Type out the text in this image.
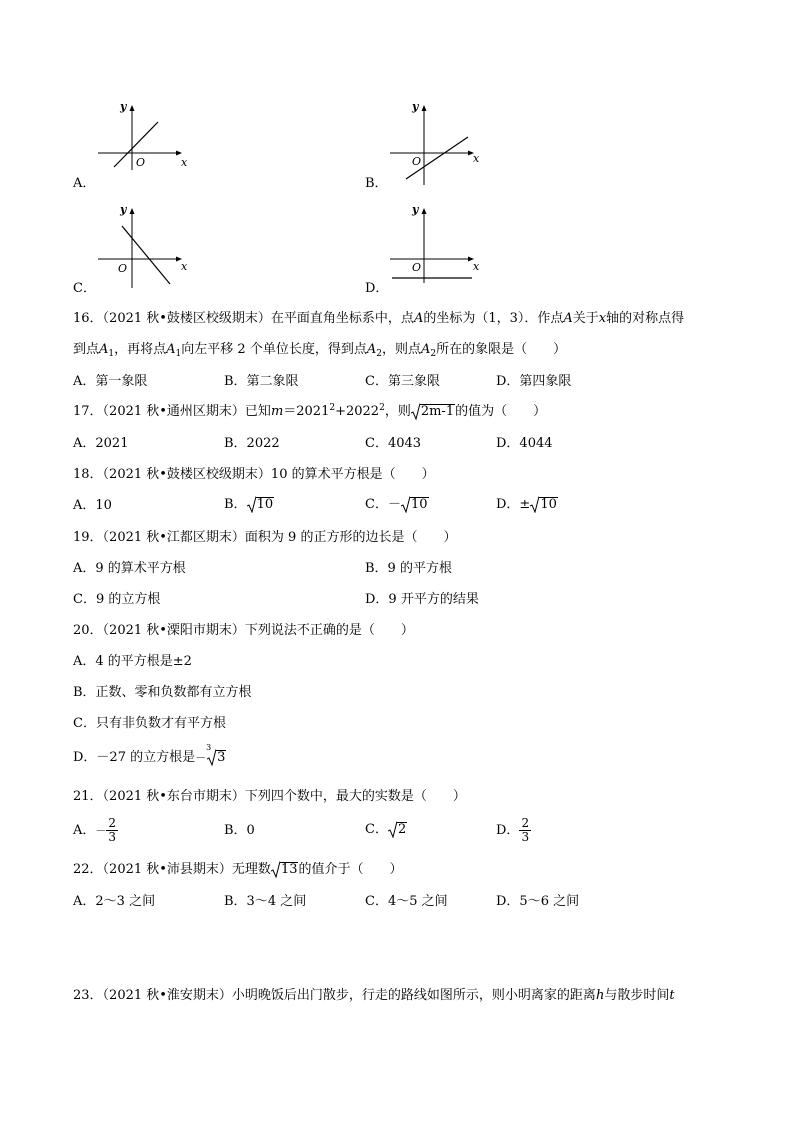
A．
y
x
O
B．
y
x
O
C．
y
x
O
D．
y
x
O
16．（2021 秋•鼓楼区校级期末）在平面直角坐标系中，点A的坐标为（1，3）．作点A关于x轴的对称点得
到点$A_1$，再将点$A_1$向左平移 2 个单位长度，得到点$A_2$，则点$A_2$所在的象限是（　　）
A．第一象限	B．第二象限	C．第三象限	D．第四象限
17．（2021 秋•通州区期末）已知$m=2021^2+2022^2$，则 2m-1的值为（　　）
A．2021	B．2022	C．4043	D．4044
18．（2021 秋•鼓楼区校级期末）10 的算术平方根是（　　）
A．10	B． 10	C．－ 10	D．± 10
19．（2021 秋•江都区期末）面积为 9 的正方形的边长是（　　）
A．9 的算术平方根	B．9 的平方根
C．9 的立方根	D．9 开平方的结果
20．（2021 秋•溧阳市期末）下列说法不正确的是（　　）
A．4 的平方根是±2
B．正数、零和负数都有立方根
C．只有非负数才有平方根
D．－27 的立方根是－
3
3
21．（2021 秋•东台市期末）下列四个数中，最大的实数是（　　）
A． － $\frac{2}{3}$	B．0	C． 2	D． $\frac{2}{3}$
22．（2021 秋•沛县期末）无理数 13的值介于（　　）
A．2～3 之间	B．3～4 之间	C．4～5 之间	D．5～6 之间
23．（2021 秋•淮安期末）小明晚饭后出门散步，行走的路线如图所示，则小明离家的距离h与散步时间t
